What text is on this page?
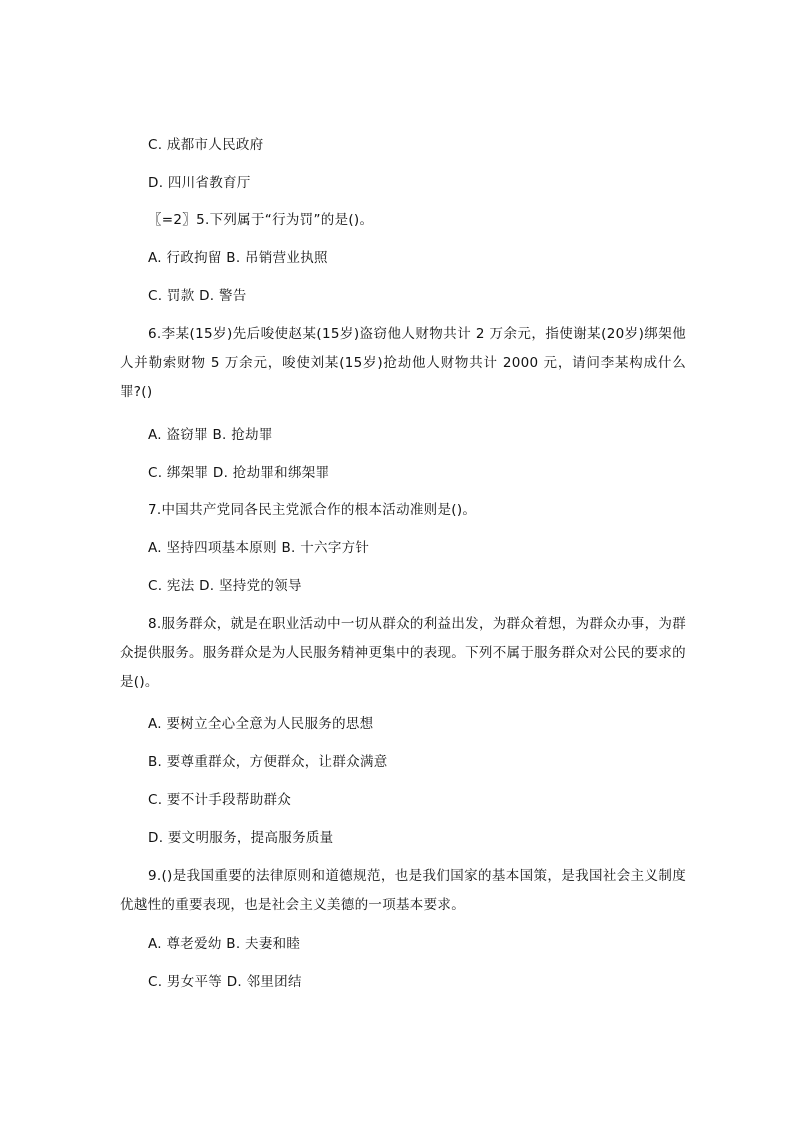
C. 成都市人民政府
D. 四川省教育厅
〖=2〗5.下列属于“行为罚”的是()。
A. 行政拘留 B. 吊销营业执照
C. 罚款 D. 警告
6.李某(15岁)先后唆使赵某(15岁)盗窃他人财物共计 2 万余元，指使谢某(20岁)绑架他人并勒索财物 5 万余元，唆使刘某(15岁)抢劫他人财物共计 2000 元，请问李某构成什么罪?()
A. 盗窃罪 B. 抢劫罪
C. 绑架罪 D. 抢劫罪和绑架罪
7.中国共产党同各民主党派合作的根本活动准则是()。
A. 坚持四项基本原则 B. 十六字方针
C. 宪法 D. 坚持党的领导
8.服务群众，就是在职业活动中一切从群众的利益出发，为群众着想，为群众办事，为群众提供服务。服务群众是为人民服务精神更集中的表现。下列不属于服务群众对公民的要求的是()。
A. 要树立全心全意为人民服务的思想
B. 要尊重群众，方便群众，让群众满意
C. 要不计手段帮助群众
D. 要文明服务，提高服务质量
9.()是我国重要的法律原则和道德规范，也是我们国家的基本国策，是我国社会主义制度优越性的重要表现，也是社会主义美德的一项基本要求。
A. 尊老爱幼 B. 夫妻和睦
C. 男女平等 D. 邻里团结
